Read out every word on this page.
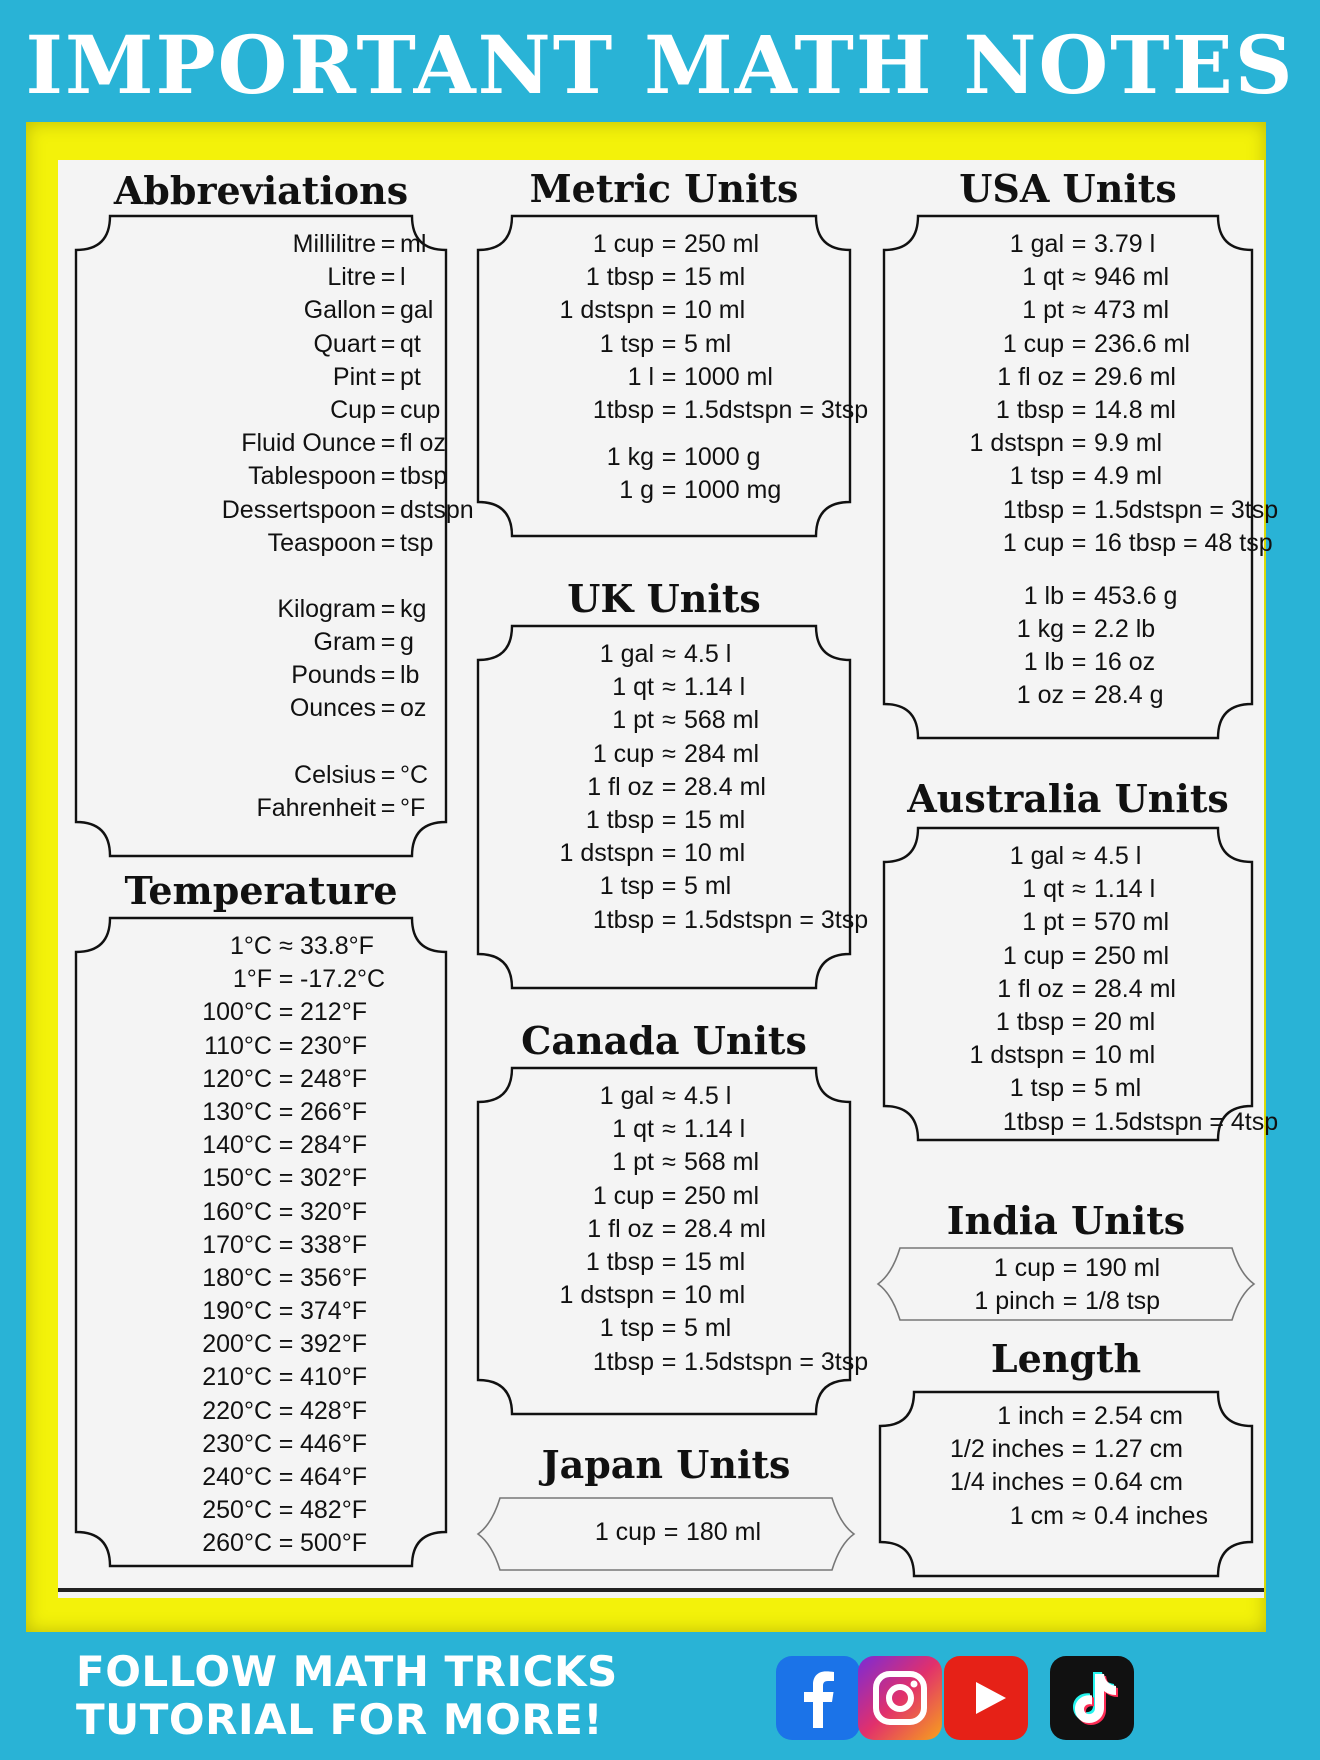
IMPORTANT MATH NOTES
Abbreviations
Millilitre = ml
Litre = l
Gallon = gal
Quart = qt
Pint = pt
Cup = cup
Fluid Ounce = fl oz
Tablespoon = tbsp
Dessertspoon = dstspn
Teaspoon = tsp
Kilogram = kg
Gram = g
Pounds = lb
Ounces = oz
Celsius = °C
Fahrenheit = °F
Temperature
1°C ≈ 33.8°F
1°F = -17.2°C
100°C = 212°F
110°C = 230°F
120°C = 248°F
130°C = 266°F
140°C = 284°F
150°C = 302°F
160°C = 320°F
170°C = 338°F
180°C = 356°F
190°C = 374°F
200°C = 392°F
210°C = 410°F
220°C = 428°F
230°C = 446°F
240°C = 464°F
250°C = 482°F
260°C = 500°F
Metric Units
1 cup = 250 ml
1 tbsp = 15 ml
1 dstspn = 10 ml
1 tsp = 5 ml
1 l = 1000 ml
1tbsp = 1.5dstspn = 3tsp
1 kg = 1000 g
1 g = 1000 mg
UK Units
1 gal ≈ 4.5 l
1 qt ≈ 1.14 l
1 pt ≈ 568 ml
1 cup ≈ 284 ml
1 fl oz = 28.4 ml
1 tbsp = 15 ml
1 dstspn = 10 ml
1 tsp = 5 ml
1tbsp = 1.5dstspn = 3tsp
Canada Units
1 gal ≈ 4.5 l
1 qt ≈ 1.14 l
1 pt ≈ 568 ml
1 cup = 250 ml
1 fl oz = 28.4 ml
1 tbsp = 15 ml
1 dstspn = 10 ml
1 tsp = 5 ml
1tbsp = 1.5dstspn = 3tsp
Japan Units
1 cup = 180 ml
USA Units
1 gal = 3.79 l
1 qt ≈ 946 ml
1 pt ≈ 473 ml
1 cup = 236.6 ml
1 fl oz = 29.6 ml
1 tbsp = 14.8 ml
1 dstspn = 9.9 ml
1 tsp = 4.9 ml
1tbsp = 1.5dstspn = 3tsp
1 cup = 16 tbsp = 48 tsp
1 lb = 453.6 g
1 kg = 2.2 lb
1 lb = 16 oz
1 oz = 28.4 g
Australia Units
1 gal ≈ 4.5 l
1 qt ≈ 1.14 l
1 pt = 570 ml
1 cup = 250 ml
1 fl oz = 28.4 ml
1 tbsp = 20 ml
1 dstspn = 10 ml
1 tsp = 5 ml
1tbsp = 1.5dstspn = 4tsp
India Units
1 cup = 190 ml
1 pinch = 1/8 tsp
Length
1 inch = 2.54 cm
1/2 inches = 1.27 cm
1/4 inches = 0.64 cm
1 cm ≈ 0.4 inches
FOLLOW MATH TRICKS
TUTORIAL FOR MORE!
